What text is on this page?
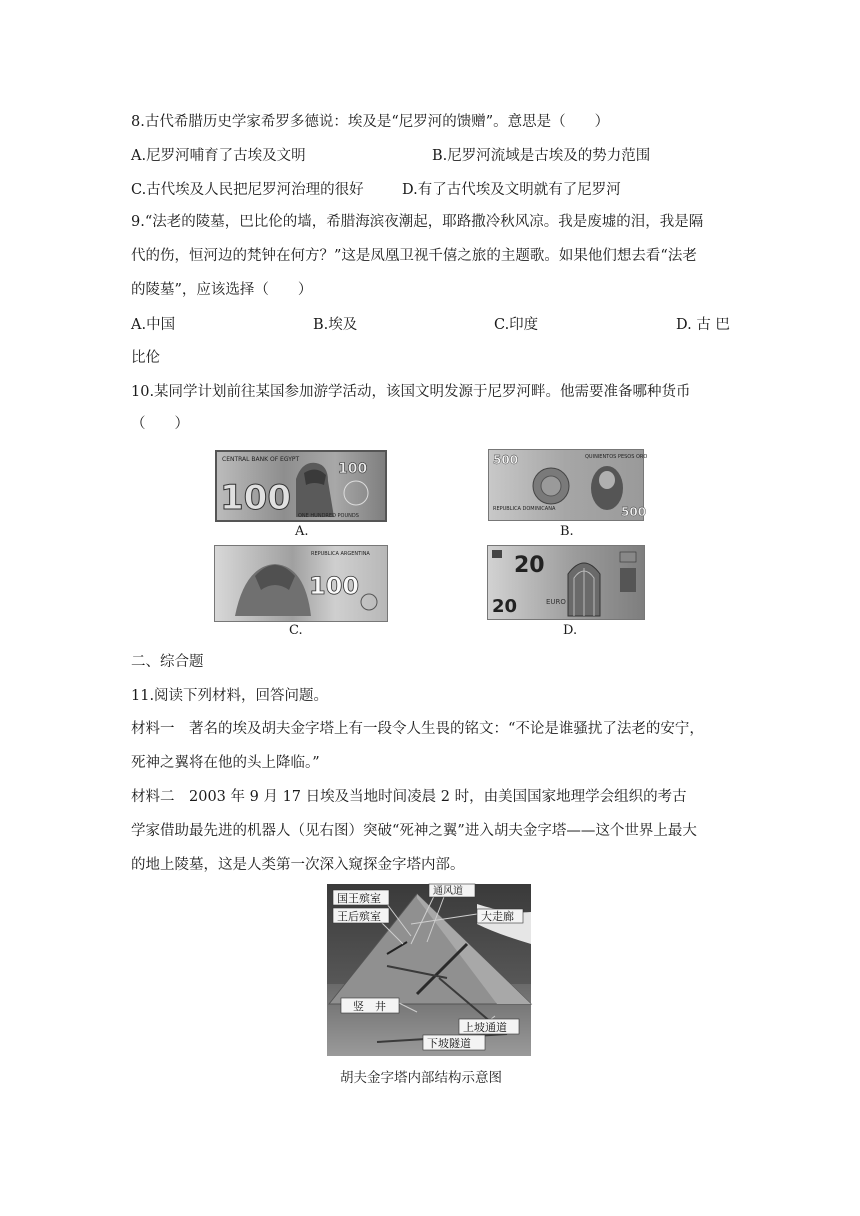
8.古代希腊历史学家希罗多德说：埃及是“尼罗河的馈赠”。意思是（　　）
A.尼罗河哺育了古埃及文明	B.尼罗河流域是古埃及的势力范围
C.古代埃及人民把尼罗河治理的很好	D.有了古代埃及文明就有了尼罗河
9.“法老的陵墓，巴比伦的墙，希腊海滨夜潮起，耶路撒冷秋风凉。我是废墟的泪，我是隔
代的伤，恒河边的梵钟在何方？”这是凤凰卫视千僖之旅的主题歌。如果他们想去看“法老
的陵墓”，应该选择（　　）
A.中国	B.埃及	C.印度	D. 古 巴
比伦
10.某同学计划前往某国参加游学活动，该国文明发源于尼罗河畔。他需要准备哪种货币
（　　）
CENTRAL BANK OF EGYPT
100
100
ONE HUNDRED POUNDS
A.
500	QUINIENTOS PESOS ORO
REPUBLICA DOMINICANA	500
B.
REPUBLICA ARGENTINA
100
C.
20
20	EURO
D.
二、综合题
11.阅读下列材料，回答问题。
材料一　著名的埃及胡夫金字塔上有一段令人生畏的铭文：“不论是谁骚扰了法老的安宁，
死神之翼将在他的头上降临。”
材料二　2003 年 9 月 17 日埃及当地时间凌晨 2 时，由美国国家地理学会组织的考古
学家借助最先进的机器人（见右图）突破“死神之翼”进入胡夫金字塔——这个世界上最大
的地上陵墓，这是人类第一次深入窥探金字塔内部。
国王殡室
通风道
大走廊
王后殡室
竖　井
上坡通道
下坡隧道
胡夫金字塔内部结构示意图
